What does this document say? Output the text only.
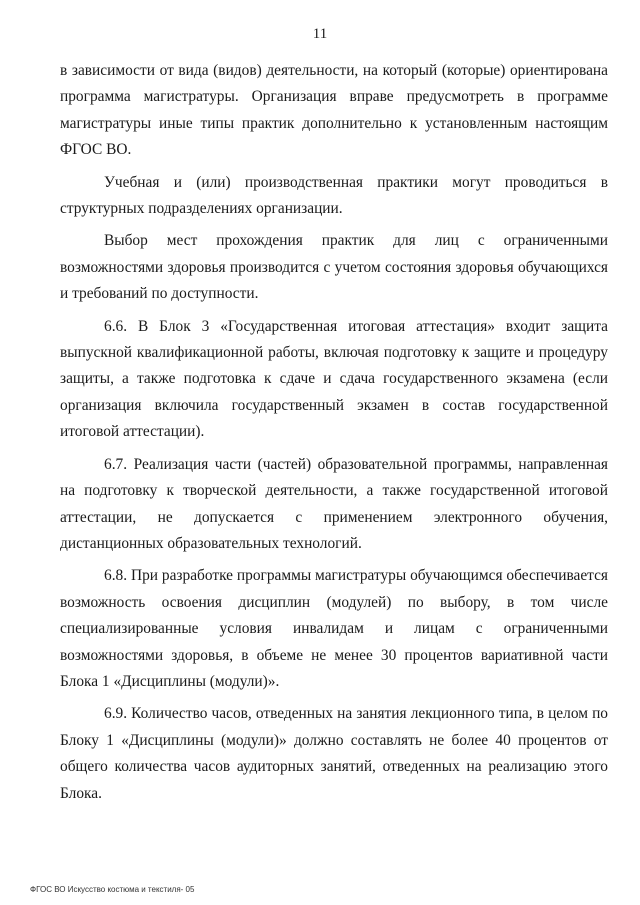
11

в зависимости от вида (видов) деятельности, на который (которые) ориентирована программа магистратуры. Организация вправе предусмотреть в программе магистратуры иные типы практик дополнительно к установленным настоящим ФГОС ВО.

Учебная и (или) производственная практики могут проводиться в структурных подразделениях организации.

Выбор мест прохождения практик для лиц с ограниченными возможностями здоровья производится с учетом состояния здоровья обучающихся и требований по доступности.

6.6. В Блок 3 «Государственная итоговая аттестация» входит защита выпускной квалификационной работы, включая подготовку к защите и процедуру защиты, а также подготовка к сдаче и сдача государственного экзамена (если организация включила государственный экзамен в состав государственной итоговой аттестации).

6.7. Реализация части (частей) образовательной программы, направленная на подготовку к творческой деятельности, а также государственной итоговой аттестации, не допускается с применением электронного обучения, дистанционных образовательных технологий.

6.8. При разработке программы магистратуры обучающимся обеспечивается возможность освоения дисциплин (модулей) по выбору, в том числе специализированные условия инвалидам и лицам с ограниченными возможностями здоровья, в объеме не менее 30 процентов вариативной части Блока 1 «Дисциплины (модули)».

6.9. Количество часов, отведенных на занятия лекционного типа, в целом по Блоку 1 «Дисциплины (модули)» должно составлять не более 40 процентов от общего количества часов аудиторных занятий, отведенных на реализацию этого Блока.

ФГОС ВО Искусство костюма и текстиля- 05
